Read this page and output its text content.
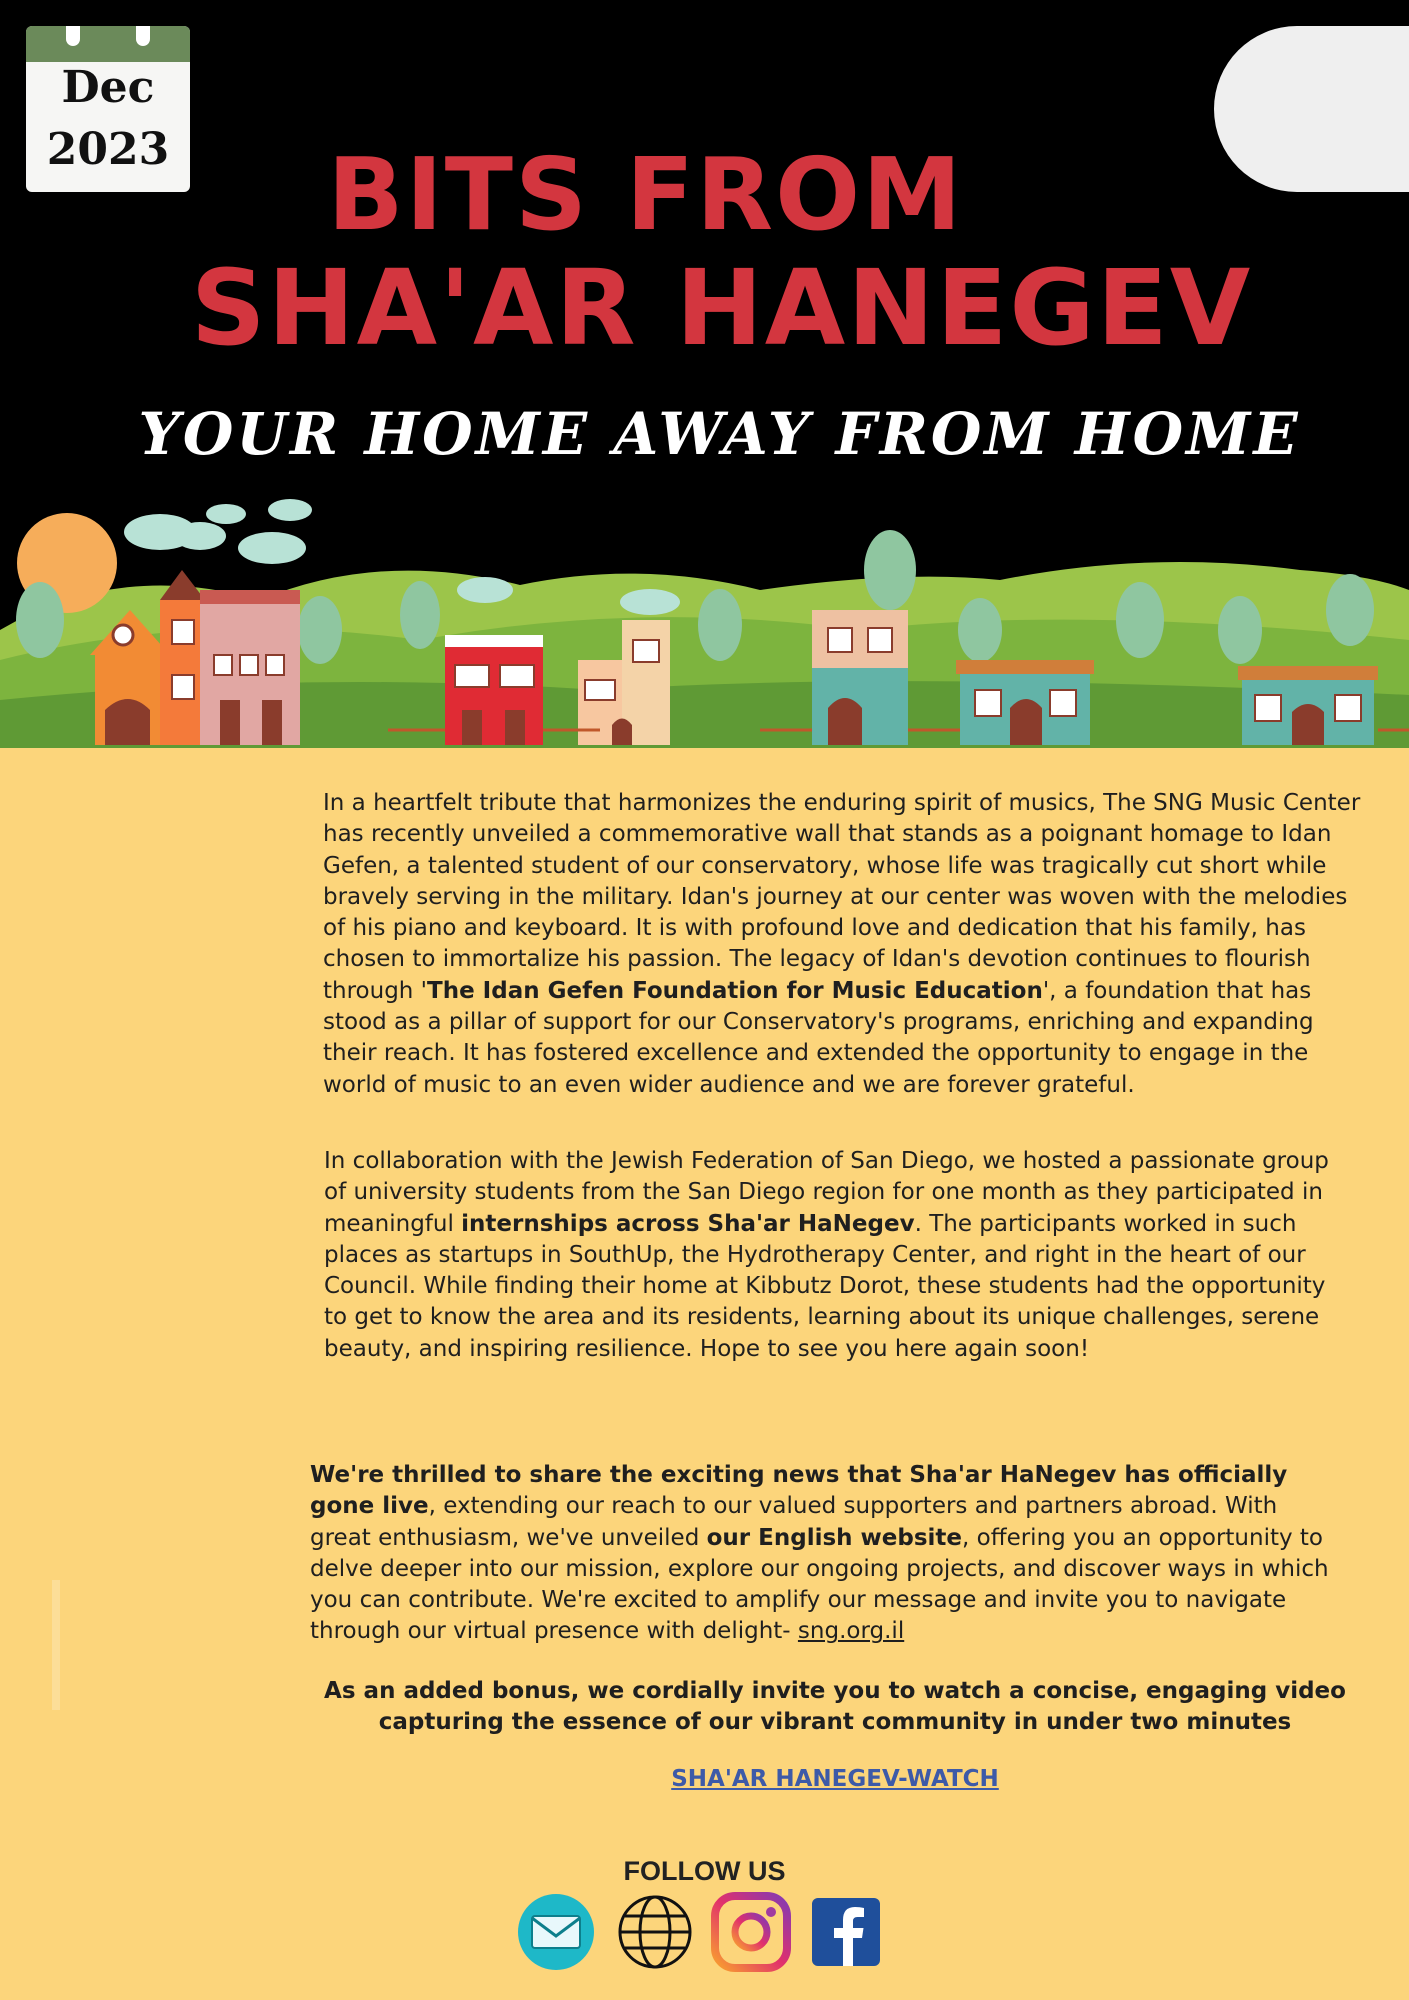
Dec
2023	BITS FROM
SHA'AR HANEGEV
YOUR HOME AWAY FROM HOME

In a heartfelt tribute that harmonizes the enduring spirit of musics, The SNG Music Center has recently unveiled a commemorative wall that stands as a poignant homage to Idan Gefen, a talented student of our conservatory, whose life was tragically cut short while bravely serving in the military. Idan's journey at our center was woven with the melodies of his piano and keyboard. It is with profound love and dedication that his family, has chosen to immortalize his passion. The legacy of Idan's devotion continues to flourish through 'The Idan Gefen Foundation for Music Education', a foundation that has stood as a pillar of support for our Conservatory's programs, enriching and expanding their reach. It has fostered excellence and extended the opportunity to engage in the world of music to an even wider audience and we are forever grateful.

In collaboration with the Jewish Federation of San Diego, we hosted a passionate group of university students from the San Diego region for one month as they participated in meaningful internships across Sha'ar HaNegev. The participants worked in such places as startups in SouthUp, the Hydrotherapy Center, and right in the heart of our Council. While finding their home at Kibbutz Dorot, these students had the opportunity to get to know the area and its residents, learning about its unique challenges, serene beauty, and inspiring resilience. Hope to see you here again soon!

We're thrilled to share the exciting news that Sha'ar HaNegev has officially gone live, extending our reach to our valued supporters and partners abroad. With great enthusiasm, we've unveiled our English website, offering you an opportunity to delve deeper into our mission, explore our ongoing projects, and discover ways in which you can contribute. We're excited to amplify our message and invite you to navigate through our virtual presence with delight- sng.org.il

As an added bonus, we cordially invite you to watch a concise, engaging video capturing the essence of our vibrant community in under two minutes

SHA'AR HANEGEV-WATCH
FOLLOW US
